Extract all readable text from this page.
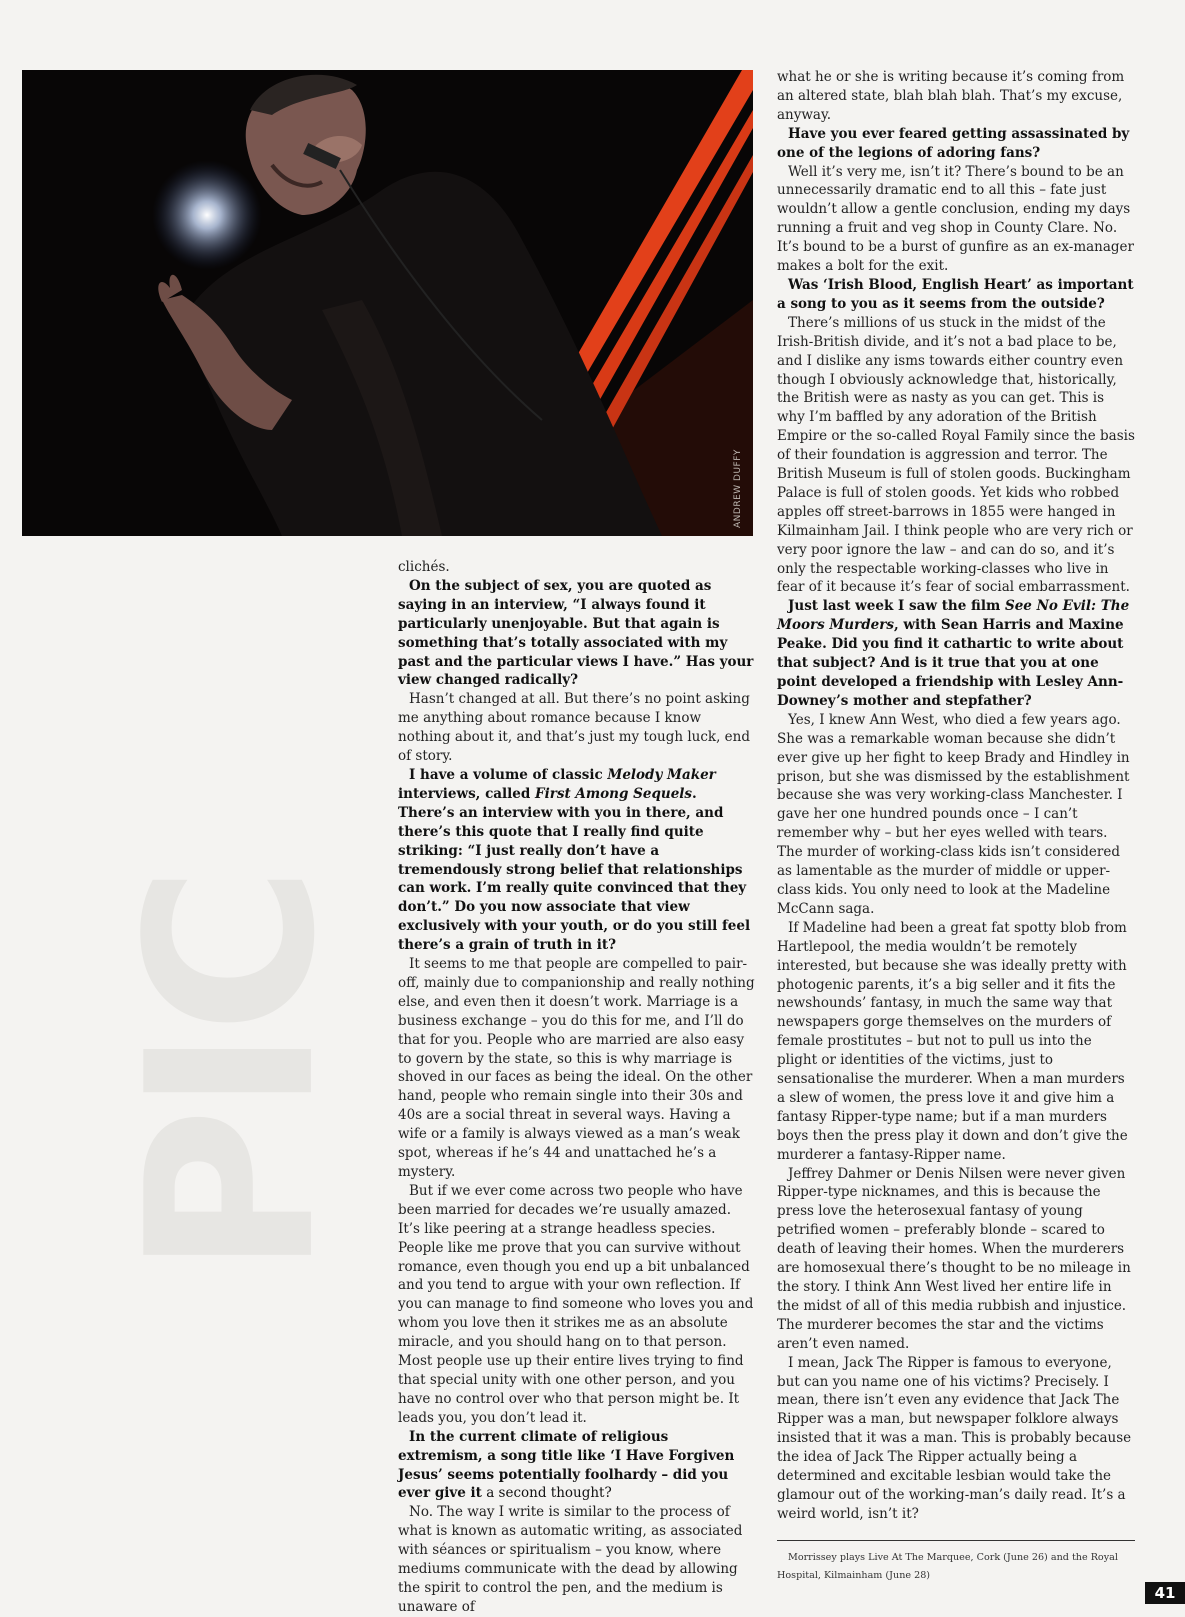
PIC
ANDREW DUFFY

clichés.

On the subject of sex, you are quoted as saying in an interview, “I always found it particularly unenjoyable. But that again is something that’s totally associated with my past and the particular views I have.” Has your view changed radically?

Hasn’t changed at all. But there’s no point asking me anything about romance because I know nothing about it, and that’s just my tough luck, end of story.

I have a volume of classic Melody Maker interviews, called First Among Sequels. There’s an interview with you in there, and there’s this quote that I really find quite striking: “I just really don’t have a tremendously strong belief that relationships can work. I’m really quite convinced that they don’t.” Do you now associate that view exclusively with your youth, or do you still feel there’s a grain of truth in it?

It seems to me that people are compelled to pair-off, mainly due to companionship and really nothing else, and even then it doesn’t work. Marriage is a business exchange – you do this for me, and I’ll do that for you. People who are married are also easy to govern by the state, so this is why marriage is shoved in our faces as being the ideal. On the other hand, people who remain single into their 30s and 40s are a social threat in several ways. Having a wife or a family is always viewed as a man’s weak spot, whereas if he’s 44 and unattached he’s a mystery.

But if we ever come across two people who have been married for decades we’re usually amazed. It’s like peering at a strange headless species. People like me prove that you can survive without romance, even though you end up a bit unbalanced and you tend to argue with your own reflection. If you can manage to find someone who loves you and whom you love then it strikes me as an absolute miracle, and you should hang on to that person. Most people use up their entire lives trying to find that special unity with one other person, and you have no control over who that person might be. It leads you, you don’t lead it.

In the current climate of religious extremism, a song title like ‘I Have Forgiven Jesus’ seems potentially foolhardy – did you ever give it a second thought?

No. The way I write is similar to the process of what is known as automatic writing, as associated with séances or spiritualism – you know, where mediums communicate with the dead by allowing the spirit to control the pen, and the medium is unaware of

what he or she is writing because it’s coming from an altered state, blah blah blah. That’s my excuse, anyway.

Have you ever feared getting assassinated by one of the legions of adoring fans?

Well it’s very me, isn’t it? There’s bound to be an unnecessarily dramatic end to all this – fate just wouldn’t allow a gentle conclusion, ending my days running a fruit and veg shop in County Clare. No. It’s bound to be a burst of gunfire as an ex-manager makes a bolt for the exit.

Was ‘Irish Blood, English Heart’ as important a song to you as it seems from the outside?

There’s millions of us stuck in the midst of the Irish-British divide, and it’s not a bad place to be, and I dislike any isms towards either country even though I obviously acknowledge that, historically, the British were as nasty as you can get. This is why I’m baffled by any adoration of the British Empire or the so-called Royal Family since the basis of their foundation is aggression and terror. The British Museum is full of stolen goods. Buckingham Palace is full of stolen goods. Yet kids who robbed apples off street-barrows in 1855 were hanged in Kilmainham Jail. I think people who are very rich or very poor ignore the law – and can do so, and it’s only the respectable working-classes who live in fear of it because it’s fear of social embarrassment.

Just last week I saw the film See No Evil: The Moors Murders, with Sean Harris and Maxine Peake. Did you find it cathartic to write about that subject? And is it true that you at one point developed a friendship with Lesley Ann-Downey’s mother and stepfather?

Yes, I knew Ann West, who died a few years ago. She was a remarkable woman because she didn’t ever give up her fight to keep Brady and Hindley in prison, but she was dismissed by the establishment because she was very working-class Manchester. I gave her one hundred pounds once – I can’t remember why – but her eyes welled with tears. The murder of working-class kids isn’t considered as lamentable as the murder of middle or upper-class kids. You only need to look at the Madeline McCann saga.

If Madeline had been a great fat spotty blob from Hartlepool, the media wouldn’t be remotely interested, but because she was ideally pretty with photogenic parents, it’s a big seller and it fits the newshounds’ fantasy, in much the same way that newspapers gorge themselves on the murders of female prostitutes – but not to pull us into the plight or identities of the victims, just to sensationalise the murderer. When a man murders a slew of women, the press love it and give him a fantasy Ripper-type name; but if a man murders boys then the press play it down and don’t give the murderer a fantasy-Ripper name.

Jeffrey Dahmer or Denis Nilsen were never given Ripper-type nicknames, and this is because the press love the heterosexual fantasy of young petrified women – preferably blonde – scared to death of leaving their homes. When the murderers are homosexual there’s thought to be no mileage in the story. I think Ann West lived her entire life in the midst of all of this media rubbish and injustice. The murderer becomes the star and the victims aren’t even named.

I mean, Jack The Ripper is famous to everyone, but can you name one of his victims? Precisely. I mean, there isn’t even any evidence that Jack The Ripper was a man, but newspaper folklore always insisted that it was a man. This is probably because the idea of Jack The Ripper actually being a determined and excitable lesbian would take the glamour out of the working-man’s daily read. It’s a weird world, isn’t it?

Morrissey plays Live At The Marquee, Cork (June 26) and the Royal Hospital, Kilmainham (June 28)

41
